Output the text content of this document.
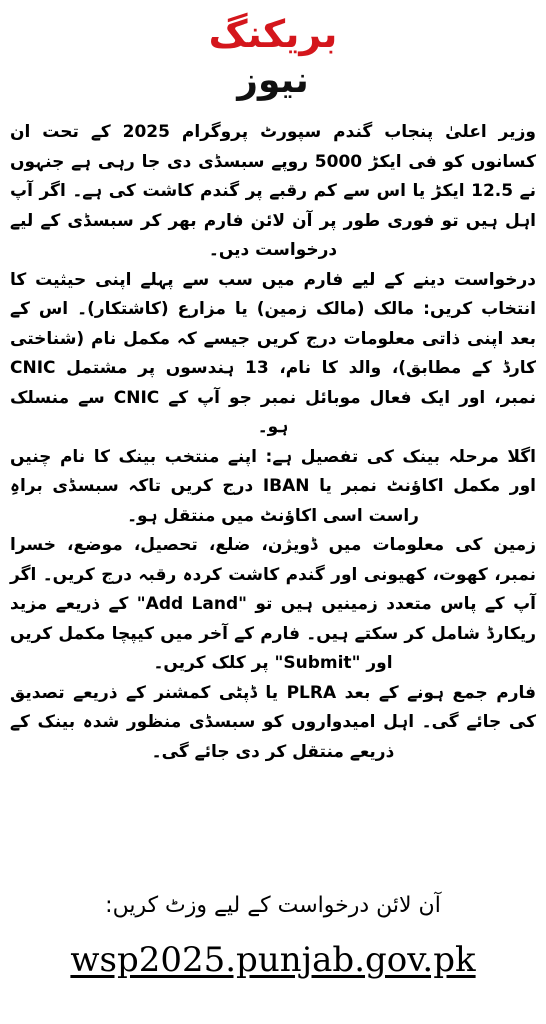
بریکنگ
نیوز

وزیر اعلیٰ پنجاب گندم سپورٹ پروگرام 2025 کے تحت ان کسانوں کو فی ایکڑ 5000 روپے سبسڈی دی جا رہی ہے جنہوں نے 12.5 ایکڑ یا اس سے کم رقبے پر گندم کاشت کی ہے۔ اگر آپ اہل ہیں تو فوری طور پر آن لائن فارم بھر کر سبسڈی کے لیے درخواست دیں۔

درخواست دینے کے لیے فارم میں سب سے پہلے اپنی حیثیت کا انتخاب کریں: مالک (مالک زمین) یا مزارع (کاشتکار)۔ اس کے بعد اپنی ذاتی معلومات درج کریں جیسے کہ مکمل نام (شناختی کارڈ کے مطابق)، والد کا نام، 13 ہندسوں پر مشتمل CNIC نمبر، اور ایک فعال موبائل نمبر جو آپ کے CNIC سے منسلک ہو۔

اگلا مرحلہ بینک کی تفصیل ہے: اپنے منتخب بینک کا نام چنیں اور مکمل اکاؤنٹ نمبر یا IBAN درج کریں تاکہ سبسڈی براہِ راست اسی اکاؤنٹ میں منتقل ہو۔

زمین کی معلومات میں ڈویژن، ضلع، تحصیل، موضع، خسرا نمبر، کھوت، کھیونی اور گندم کاشت کردہ رقبہ درج کریں۔ اگر آپ کے پاس متعدد زمینیں ہیں تو "Add Land" کے ذریعے مزید ریکارڈ شامل کر سکتے ہیں۔ فارم کے آخر میں کیپچا مکمل کریں اور "Submit" پر کلک کریں۔

فارم جمع ہونے کے بعد PLRA یا ڈپٹی کمشنر کے ذریعے تصدیق کی جائے گی۔ اہل امیدواروں کو سبسڈی منظور شدہ بینک کے ذریعے منتقل کر دی جائے گی۔

آن لائن درخواست کے لیے وزٹ کریں:
wsp2025.punjab.gov.pk
